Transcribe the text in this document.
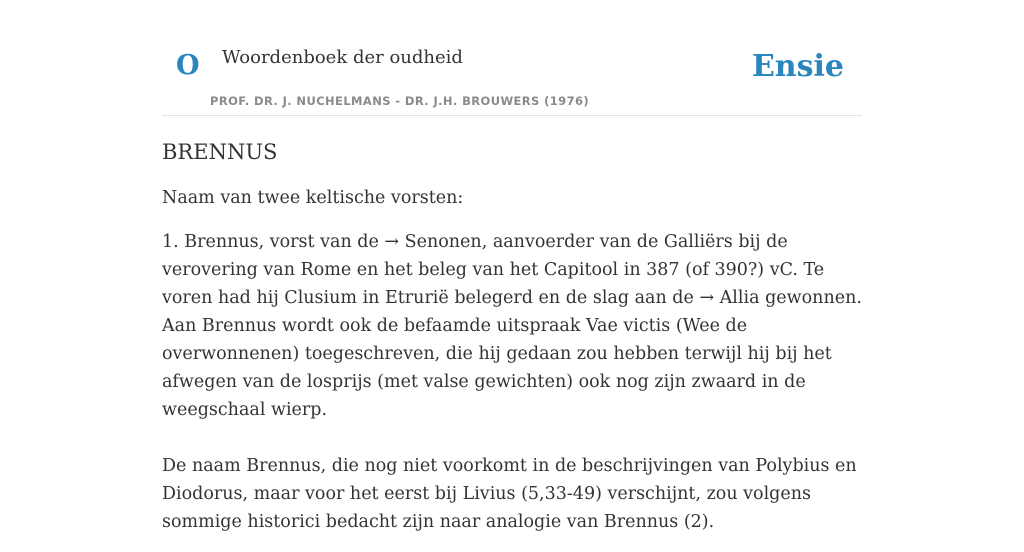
O Woordenboek der oudheid
PROF. DR. J. NUCHELMANS - DR. J.H. BROUWERS (1976)
Ensie
BRENNUS

Naam van twee keltische vorsten:

1. Brennus, vorst van de → Senonen, aanvoerder van de Galliërs bij de verovering van Rome en het beleg van het Capitool in 387 (of 390?) vC. Te voren had hij Clusium in Etrurië belegerd en de slag aan de → Allia gewonnen. Aan Brennus wordt ook de befaamde uitspraak Vae victis (Wee de overwonnenen) toegeschreven, die hij gedaan zou hebben terwijl hij bij het afwegen van de losprijs (met valse gewichten) ook nog zijn zwaard in de weegschaal wierp.

De naam Brennus, die nog niet voorkomt in de beschrijvingen van Polybius en Diodorus, maar voor het eerst bij Livius (5,33-49) verschijnt, zou volgens sommige historici bedacht zijn naar analogie van Brennus (2).
